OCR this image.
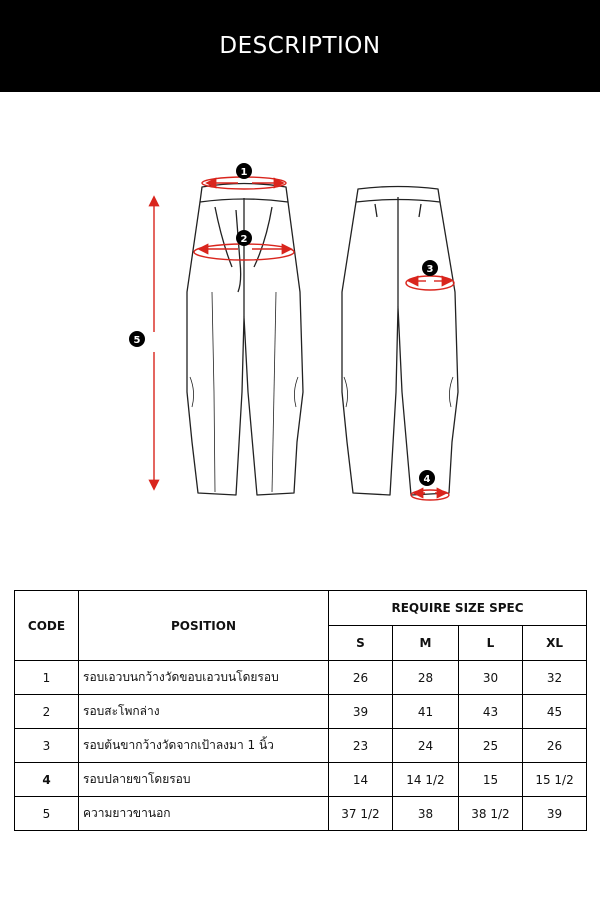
DESCRIPTION
1
2
3
4
5
CODE	POSITION	REQUIRE SIZE SPEC			
		S	M	L	XL
1	รอบเอวบนกว้างวัดขอบเอวบนโดยรอบ	26	28	30	32
2	รอบสะโพกล่าง	39	41	43	45
3	รอบต้นขากว้างวัดจากเป้าลงมา 1 นิ้ว	23	24	25	26
4	รอบปลายขาโดยรอบ	14	14 1/2	15	15 1/2
5	ความยาวขานอก	37 1/2	38	38 1/2	39
